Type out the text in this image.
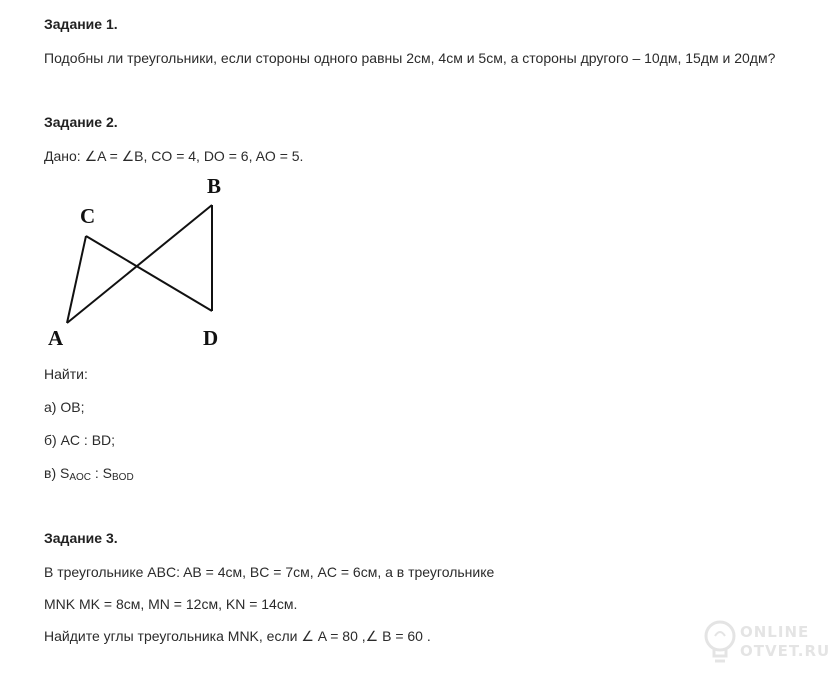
Задание 1.
Подобны ли треугольники, если стороны одного равны 2см, 4см и 5см, а стороны другого – 10дм, 15дм и 20дм?
Задание 2.
Дано: ∠A = ∠B, CO = 4, DO = 6, AO = 5.
C
B
A	D
Найти:
а) OB;
б) AC : BD;
в) $S_{AOC}$ : $S_{BOD}$
Задание 3.
В треугольнике ABC: AB = 4см, BC = 7см, AC = 6см, а в треугольнике
MNK MK = 8см, MN = 12см, KN = 14см.
Найдите углы треугольника MNK, если ∠ A = 80 ,∠ B = 60 .	ONLINE
OTVET.RU
